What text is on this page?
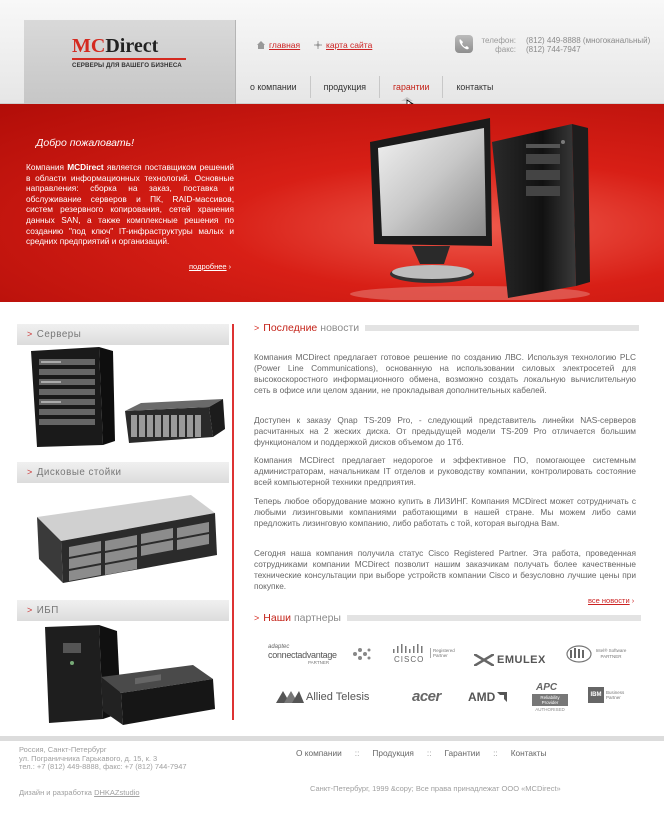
MCDirect
СЕРВЕРЫ ДЛЯ ВАШЕГО БИЗНЕСА
главная	карта сайта	телефон: (812) 449-8888 (многоканальный)
факс: (812) 744-7947
о компании	продукция	гарантии	контакты
Добро пожаловать!
Компания MCDirect является поставщиком решений в области информационных технологий. Основные направления: сборка на заказ, поставка и обслуживание серверов и ПК, RAID-массивов, систем резервного копирования, сетей хранения данных SAN, а также комплексные решения по созданию "под ключ" IT-инфраструктуры малых и средних предприятий и организаций.
подробнее ›
> Серверы
> Дисковые стойки
> ИБП
> Последние новости
Компания MCDirect предлагает готовое решение по созданию ЛВС. Используя технологию PLC (Power Line Communications), основанную на использовании силовых электросетей для высокоскоростного информационного обмена, возможно создать локальную вычислительную сеть в офисе или целом здании, не прокладывая дополнительных кабелей.
Доступен к заказу Qnap TS-209 Pro, - следующий представитель линейки NAS-серверов расчитанных на 2 жеских диска. От предыдущей модели TS-209 Pro отличается большим функционалом и поддержкой дисков объемом до 1Тб.
Компания MCDirect предлагает недорогое и эффективное ПО, помогающее системным администраторам, начальникам IT отделов и руководству компании, контролировать состояние всей компьютерной техники предприятия.
Теперь любое оборудование можно купить в ЛИЗИНГ. Компания MCDirect может сотрудничать с любыми лизинговыми компаниями работающими в нашей стране. Мы можем либо сами предложить лизинговую компанию, либо работать с той, которая выгодна Вам.
Сегодня наша компания получила статус Cisco Registered Partner. Эта работа, проведенная сотрудниками компании MCDirect позволит нашим заказчикам получать более качественные технические консультации при выборе устройств компании Cisco и безусловно лучшие цены при покупке.
все новости ›
> Наши партнеры
adaptec
connectadvantage
PARTNER	CISCO
Registered Partner	EMULEX
Intel® Software PARTNER
Allied Telesis	acer AMD
APC
Reliability Provider
AUTHORISED
IBM	Business Partner
Россия, Санкт-Петербург
ул. Пограничника Гарькавого, д. 15, к. 3
тел.: +7 (812) 449-8888, факс: +7 (812) 744-7947
Дизайн и разработка DHKAZstudio
О компании :: Продукция :: Гарантии :: Контакты
Санкт-Петербург, 1999 &copy; Все права принадлежат ООО «MCDirect»
